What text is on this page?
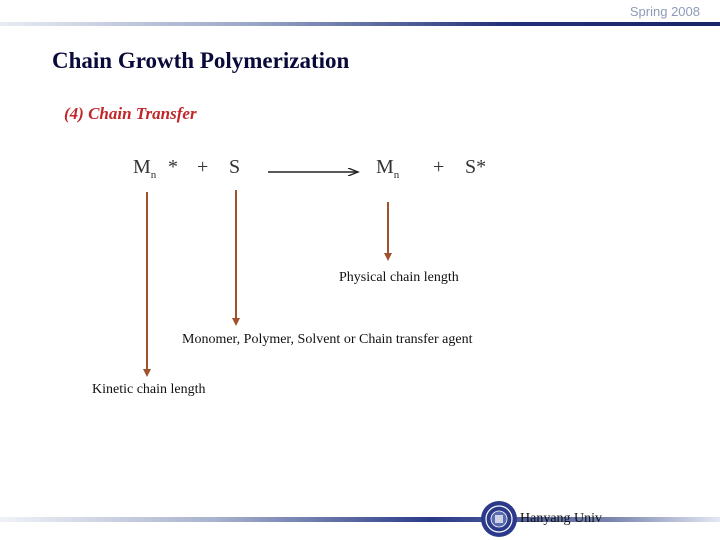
Spring 2008
Chain Growth Polymerization
(4) Chain Transfer
$M_n$ * + S	$M_n + S*$
Physical chain length
Monomer, Polymer, Solvent or Chain transfer agent
Kinetic chain length
Hanyang Univ
